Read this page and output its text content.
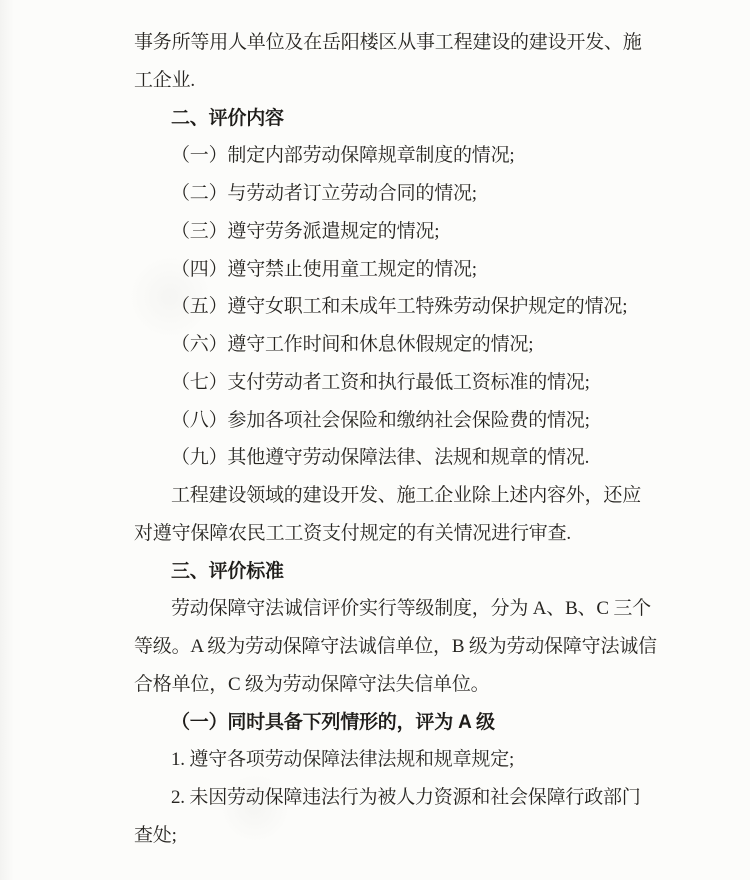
事务所等用人单位及在岳阳楼区从事工程建设的建设开发、施

工企业.

二、评价内容

（一）制定内部劳动保障规章制度的情况;

（二）与劳动者订立劳动合同的情况;

（三）遵守劳务派遣规定的情况;

（四）遵守禁止使用童工规定的情况;

（五）遵守女职工和未成年工特殊劳动保护规定的情况;

（六）遵守工作时间和休息休假规定的情况;

（七）支付劳动者工资和执行最低工资标准的情况;

（八）参加各项社会保险和缴纳社会保险费的情况;

（九）其他遵守劳动保障法律、法规和规章的情况.

工程建设领域的建设开发、施工企业除上述内容外，还应

对遵守保障农民工工资支付规定的有关情况进行审查.

三、评价标准

劳动保障守法诚信评价实行等级制度，分为 A、B、C 三个

等级。A 级为劳动保障守法诚信单位，B 级为劳动保障守法诚信

合格单位，C 级为劳动保障守法失信单位。

（一）同时具备下列情形的，评为 A 级

1. 遵守各项劳动保障法律法规和规章规定;

2. 未因劳动保障违法行为被人力资源和社会保障行政部门

查处;
